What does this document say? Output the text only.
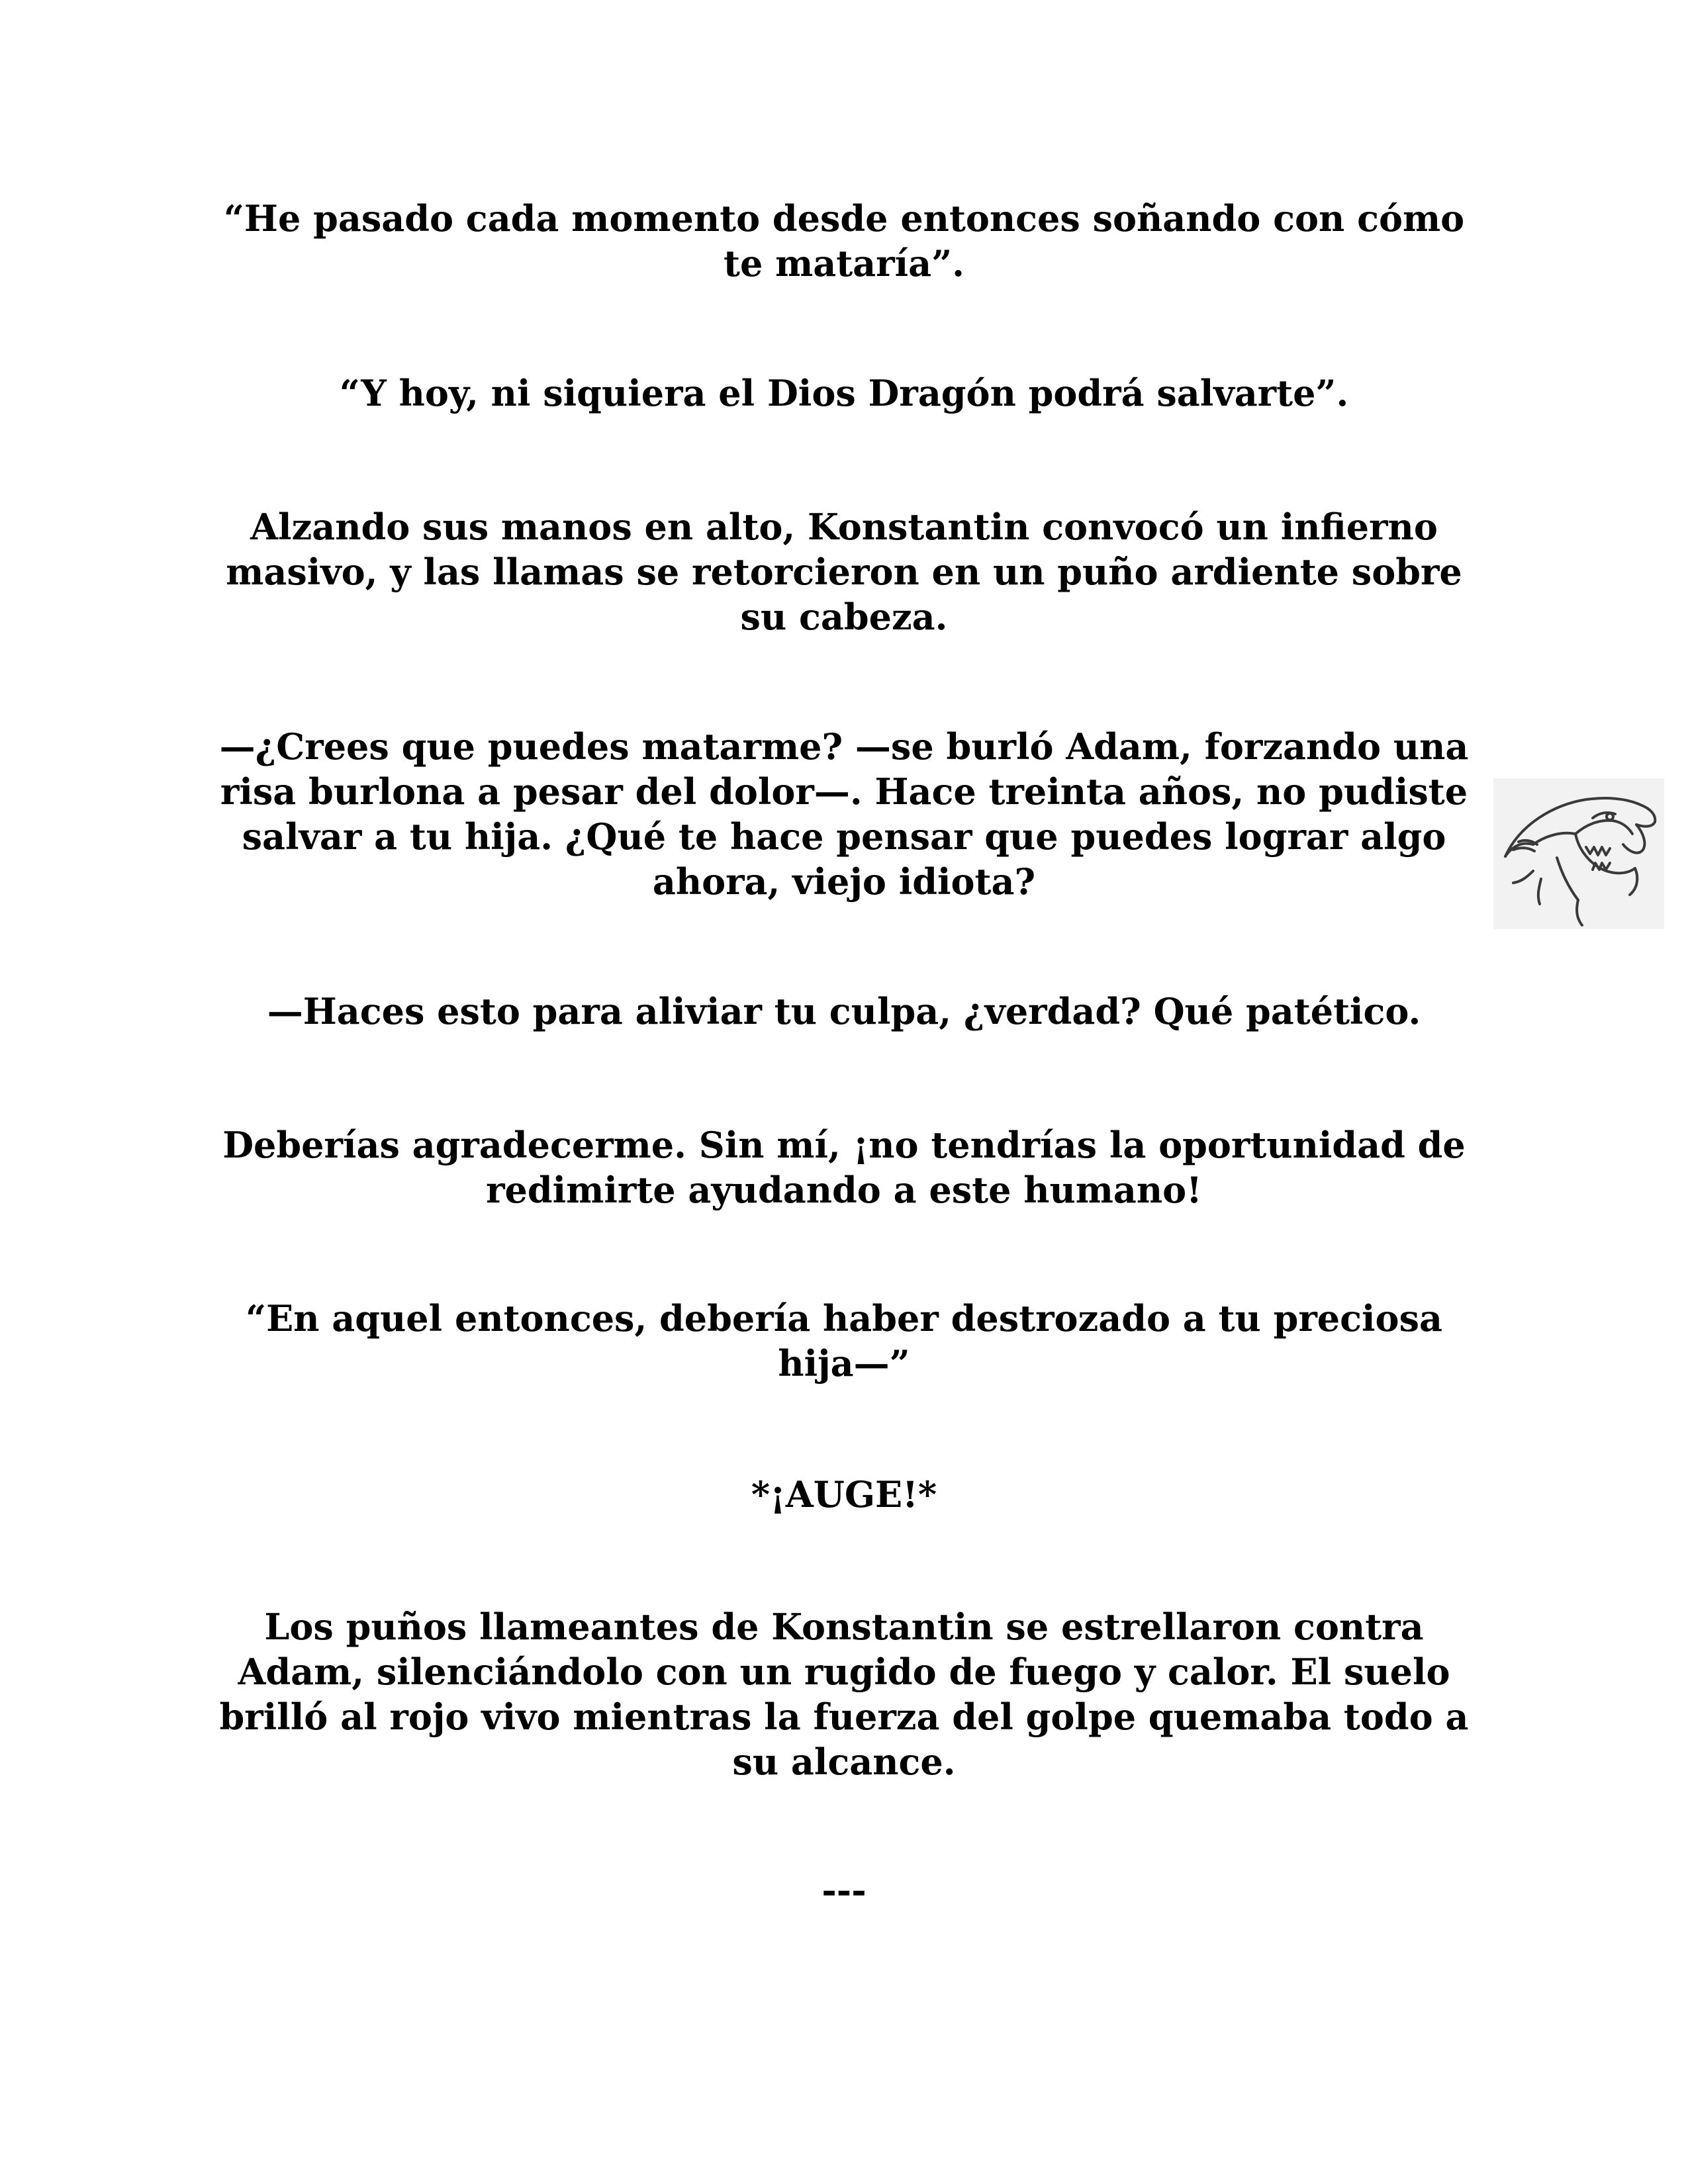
“He pasado cada momento desde entonces soñando con cómo
te mataría”.

“Y hoy, ni siquiera el Dios Dragón podrá salvarte”.

Alzando sus manos en alto, Konstantin convocó un infierno
masivo, y las llamas se retorcieron en un puño ardiente sobre
su cabeza.

—¿Crees que puedes matarme? —se burló Adam, forzando una
risa burlona a pesar del dolor—. Hace treinta años, no pudiste
salvar a tu hija. ¿Qué te hace pensar que puedes lograr algo
ahora, viejo idiota?

—Haces esto para aliviar tu culpa, ¿verdad? Qué patético.

Deberías agradecerme. Sin mí, ¡no tendrías la oportunidad de
redimirte ayudando a este humano!

“En aquel entonces, debería haber destrozado a tu preciosa
hija—”

*¡AUGE!*

Los puños llameantes de Konstantin se estrellaron contra
Adam, silenciándolo con un rugido de fuego y calor. El suelo
brilló al rojo vivo mientras la fuerza del golpe quemaba todo a
su alcance.

---
